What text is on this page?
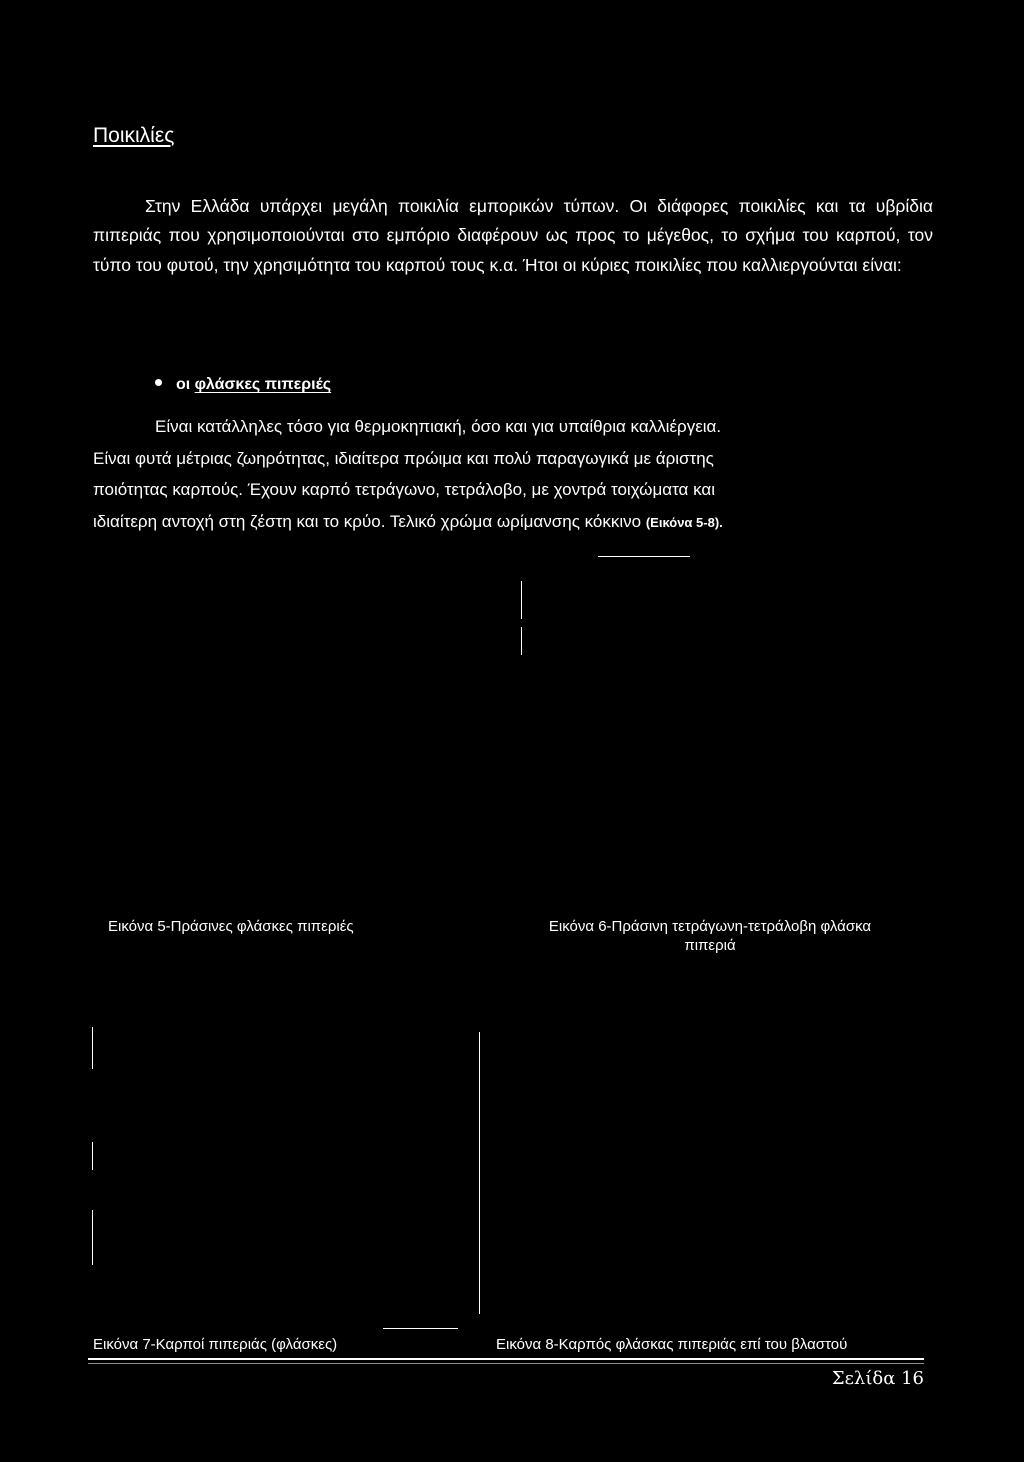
Ποικιλίες

Στην Ελλάδα υπάρχει μεγάλη ποικιλία εμπορικών τύπων. Οι διάφορες ποικιλίες και τα υβρίδια πιπεριάς που χρησιμοποιούνται στο εμπόριο διαφέρουν ως προς το μέγεθος, το σχήμα του καρπού, τον τύπο του φυτού, την χρησιμότητα του καρπού τους κ.α. Ήτοι οι κύριες ποικιλίες που καλλιεργούνται είναι:

οι φλάσκες πιπεριές
Είναι κατάλληλες τόσο για θερμοκηπιακή, όσο και για υπαίθρια καλλιέργεια.
Είναι φυτά μέτριας ζωηρότητας, ιδιαίτερα πρώιμα και πολύ παραγωγικά με άριστης
ποιότητας καρπούς. Έχουν καρπό τετράγωνο, τετράλοβο, με χοντρά τοιχώματα και
ιδιαίτερη αντοχή στη ζέστη και το κρύο. Τελικό χρώμα ωρίμανσης κόκκινο (Εικόνα 5-8).
Εικόνα 5-Πράσινες φλάσκες πιπεριές	Εικόνα 6-Πράσινη τετράγωνη-τετράλοβη φλάσκα
πιπεριά
Εικόνα 7-Καρποί πιπεριάς (φλάσκες)	Εικόνα 8-Καρπός φλάσκας πιπεριάς επί του βλαστού
Σελίδα 16
